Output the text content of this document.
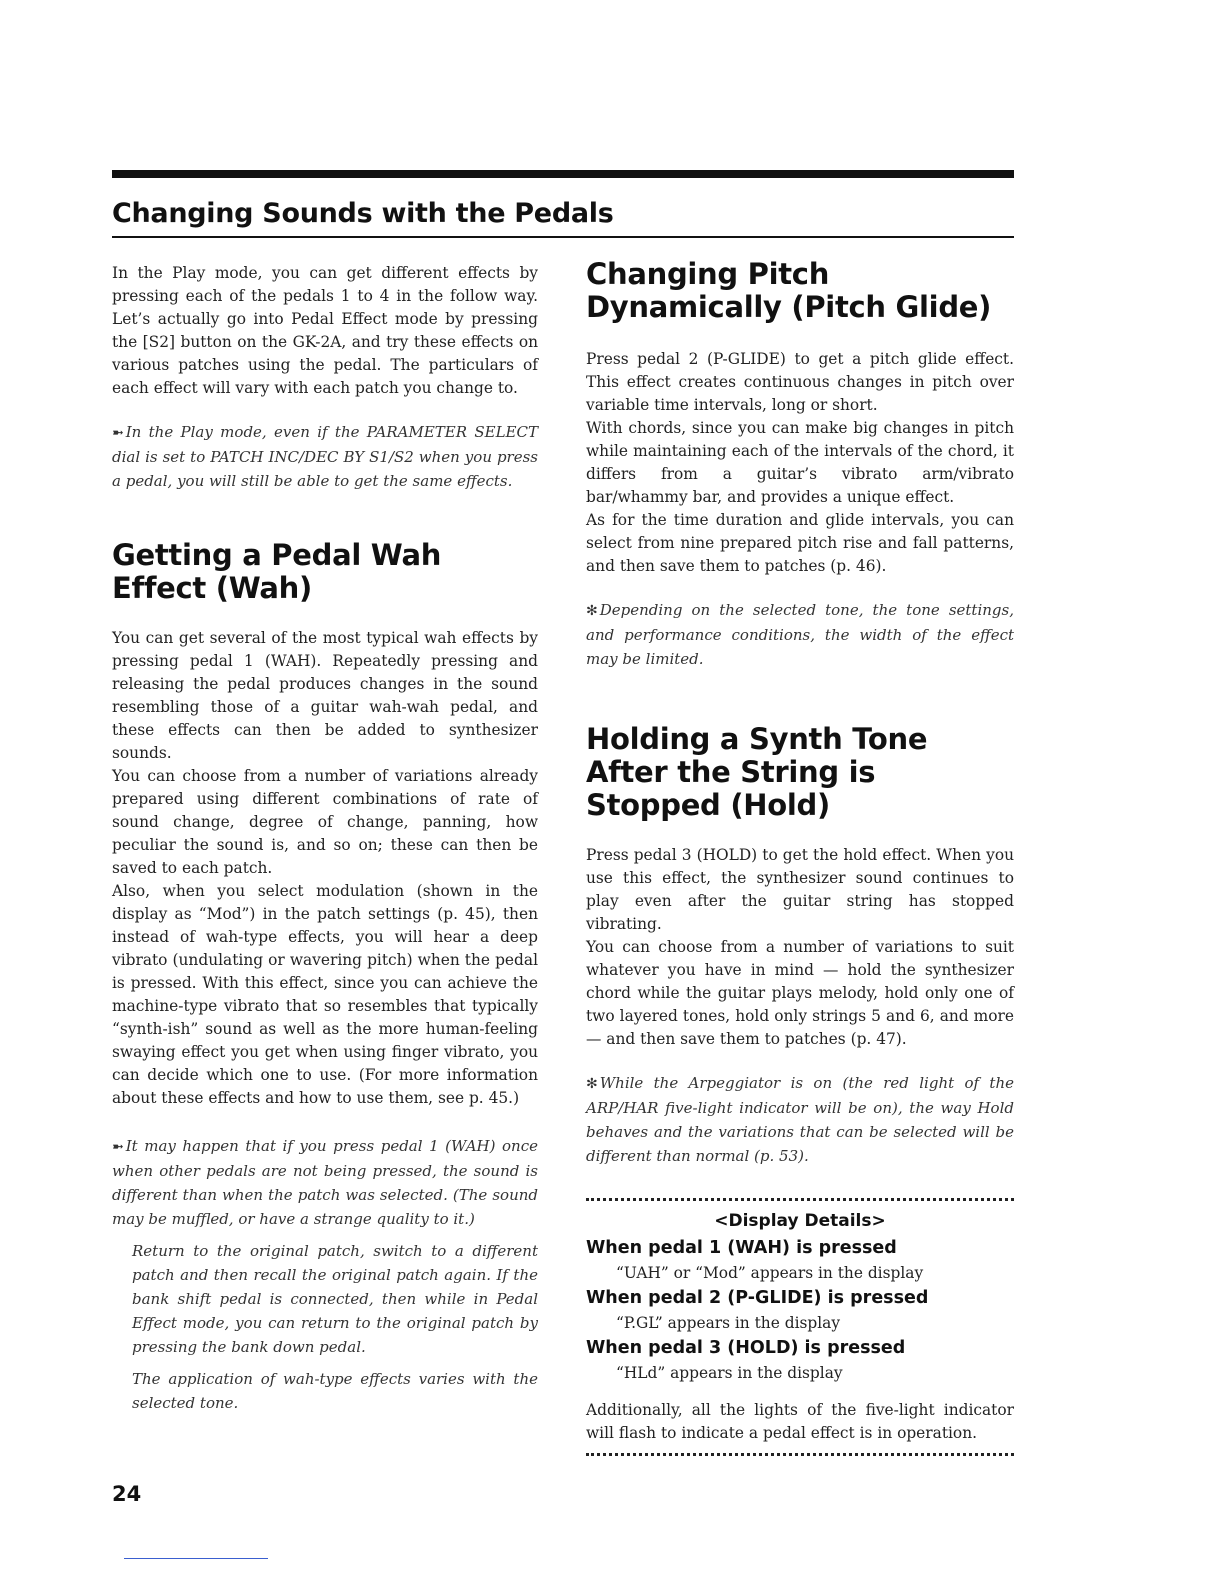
Changing Sounds with the Pedals

In the Play mode, you can get different effects by pressing each of the pedals 1 to 4 in the follow way. Let’s actually go into Pedal Effect mode by pressing the [S2] button on the GK-2A, and try these effects on various patches using the pedal. The particulars of each effect will vary with each patch you change to.

➼ In the Play mode, even if the PARAMETER SELECT dial is set to PATCH INC/DEC BY S1/S2 when you press a pedal, you will still be able to get the same effects.

Getting a Pedal Wah Effect (Wah)

You can get several of the most typical wah effects by pressing pedal 1 (WAH). Repeatedly pressing and releasing the pedal produces changes in the sound resembling those of a guitar wah-wah pedal, and these effects can then be added to synthesizer sounds.

You can choose from a number of variations already prepared using different combinations of rate of sound change, degree of change, panning, how peculiar the sound is, and so on; these can then be saved to each patch.

Also, when you select modulation (shown in the display as “Mod”) in the patch settings (p. 45), then instead of wah-type effects, you will hear a deep vibrato (undulating or wavering pitch) when the pedal is pressed. With this effect, since you can achieve the machine-type vibrato that so resembles that typically “synth-ish” sound as well as the more human-feeling swaying effect you get when using finger vibrato, you can decide which one to use. (For more information about these effects and how to use them, see p. 45.)

➼ It may happen that if you press pedal 1 (WAH) once when other pedals are not being pressed, the sound is different than when the patch was selected. (The sound may be muffled, or have a strange quality to it.)

Return to the original patch, switch to a different patch and then recall the original patch again. If the bank shift pedal is connected, then while in Pedal Effect mode, you can return to the original patch by pressing the bank down pedal.

The application of wah-type effects varies with the selected tone.

Changing Pitch Dynamically (Pitch Glide)

Press pedal 2 (P-GLIDE) to get a pitch glide effect. This effect creates continuous changes in pitch over variable time intervals, long or short.

With chords, since you can make big changes in pitch while maintaining each of the intervals of the chord, it differs from a guitar’s vibrato arm/vibrato bar/whammy bar, and provides a unique effect.

As for the time duration and glide intervals, you can select from nine prepared pitch rise and fall patterns, and then save them to patches (p. 46).

✻ Depending on the selected tone, the tone settings, and performance conditions, the width of the effect may be limited.

Holding a Synth Tone After the String is Stopped (Hold)

Press pedal 3 (HOLD) to get the hold effect. When you use this effect, the synthesizer sound continues to play even after the guitar string has stopped vibrating.

You can choose from a number of variations to suit whatever you have in mind — hold the synthesizer chord while the guitar plays melody, hold only one of two layered tones, hold only strings 5 and 6, and more — and then save them to patches (p. 47).

✻ While the Arpeggiator is on (the red light of the ARP/HAR five-light indicator will be on), the way Hold behaves and the variations that can be selected will be different than normal (p. 53).

<Display Details>
When pedal 1 (WAH) is pressed
“UAH” or “Mod” appears in the display
When pedal 2 (P-GLIDE) is pressed
“P.GL” appears in the display
When pedal 3 (HOLD) is pressed
“HLd” appears in the display

Additionally, all the lights of the five-light indicator will flash to indicate a pedal effect is in operation.

24
